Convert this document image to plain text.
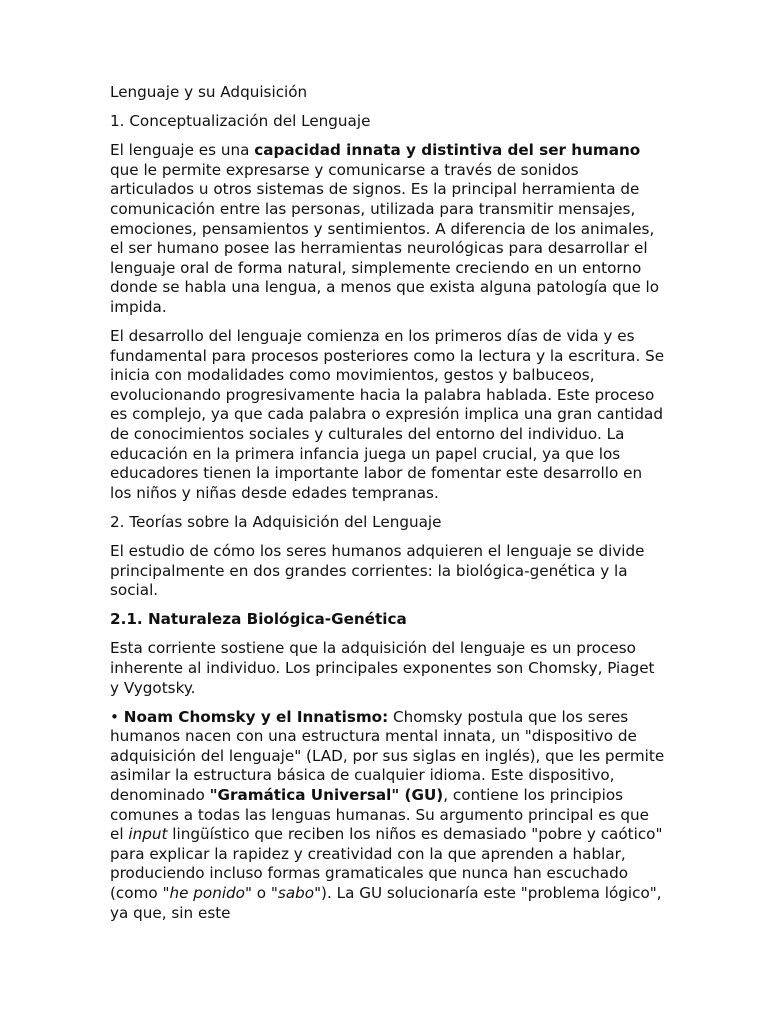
Lenguaje y su Adquisición

1. Conceptualización del Lenguaje

El lenguaje es una capacidad innata y distintiva del ser humano que le permite expresarse y comunicarse a través de sonidos articulados u otros sistemas de signos. Es la principal herramienta de comunicación entre las personas, utilizada para transmitir mensajes, emociones, pensamientos y sentimientos. A diferencia de los animales, el ser humano posee las herramientas neurológicas para desarrollar el lenguaje oral de forma natural, simplemente creciendo en un entorno donde se habla una lengua, a menos que exista alguna patología que lo impida.

El desarrollo del lenguaje comienza en los primeros días de vida y es fundamental para procesos posteriores como la lectura y la escritura. Se inicia con modalidades como movimientos, gestos y balbuceos, evolucionando progresivamente hacia la palabra hablada. Este proceso es complejo, ya que cada palabra o expresión implica una gran cantidad de conocimientos sociales y culturales del entorno del individuo. La educación en la primera infancia juega un papel crucial, ya que los educadores tienen la importante labor de fomentar este desarrollo en los niños y niñas desde edades tempranas.

2. Teorías sobre la Adquisición del Lenguaje

El estudio de cómo los seres humanos adquieren el lenguaje se divide principalmente en dos grandes corrientes: la biológica-genética y la social.

2.1. Naturaleza Biológica-Genética

Esta corriente sostiene que la adquisición del lenguaje es un proceso inherente al individuo. Los principales exponentes son Chomsky, Piaget y Vygotsky.

• Noam Chomsky y el Innatismo: Chomsky postula que los seres humanos nacen con una estructura mental innata, un "dispositivo de adquisición del lenguaje" (LAD, por sus siglas en inglés), que les permite asimilar la estructura básica de cualquier idioma. Este dispositivo, denominado "Gramática Universal" (GU), contiene los principios comunes a todas las lenguas humanas. Su argumento principal es que el input lingüístico que reciben los niños es demasiado "pobre y caótico" para explicar la rapidez y creatividad con la que aprenden a hablar, produciendo incluso formas gramaticales que nunca han escuchado (como "he ponido" o "sabo"). La GU solucionaría este "problema lógico", ya que, sin este
